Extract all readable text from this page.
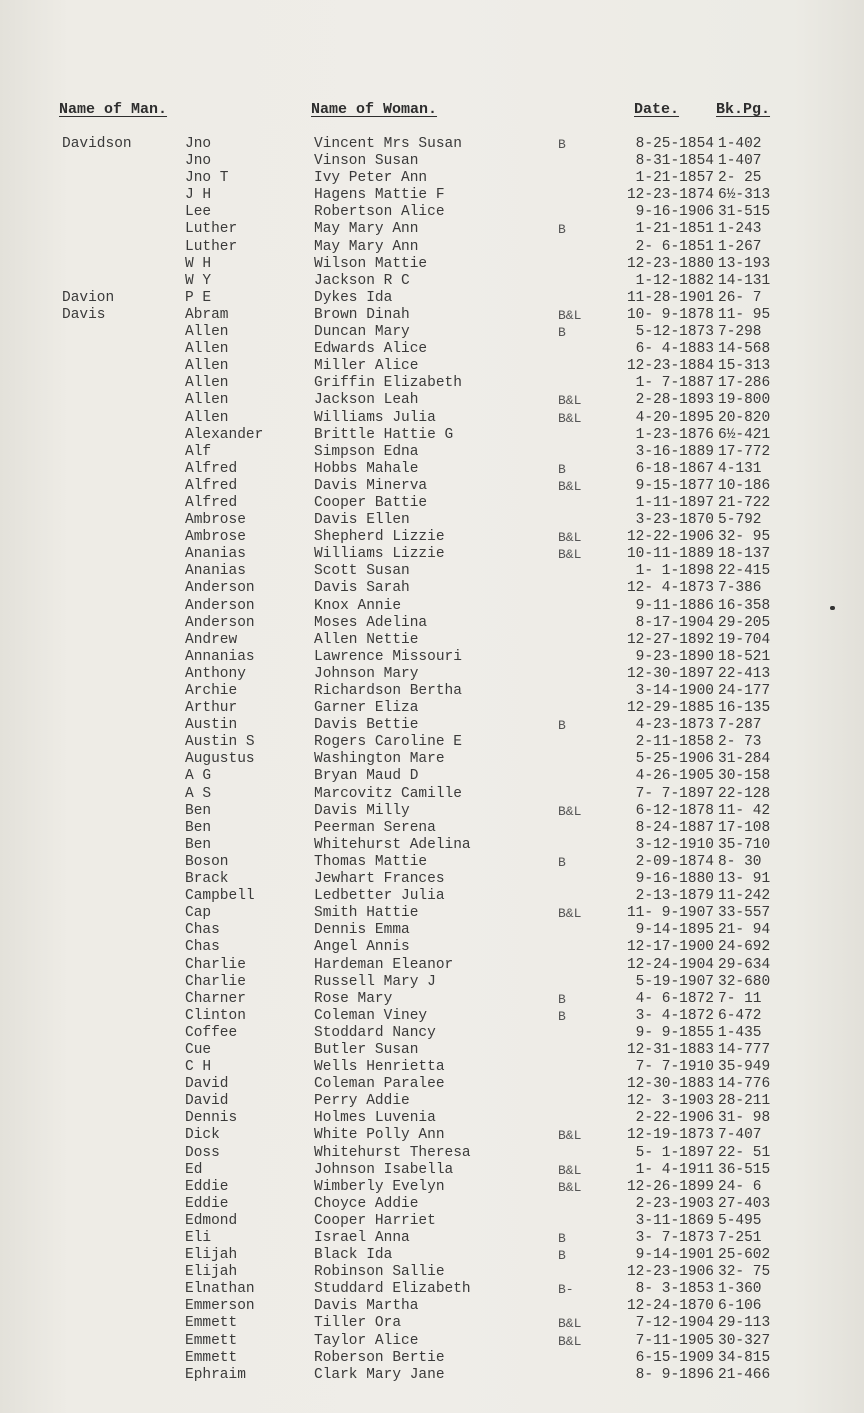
Name of Man.	Name of Woman.	Date. Bk.Pg.
Davidson	Jno	Vincent Mrs Susan	B	8-25-1854 1-402
Jno	Vinson Susan	8-31-1854 1-407
Jno T	Ivy Peter Ann	1-21-1857 2- 25
J H	Hagens Mattie F	12-23-1874 6½-313
Lee	Robertson Alice	9-16-1906 31-515
Luther	May Mary Ann	B	1-21-1851 1-243
Luther	May Mary Ann	2- 6-1851 1-267
W H	Wilson Mattie	12-23-1880 13-193
W Y	Jackson R C	1-12-1882 14-131
Davion	P E	Dykes Ida	11-28-1901 26- 7
Davis	Abram	Brown Dinah	B&L	10- 9-1878 11- 95
Allen	Duncan Mary	B	5-12-1873 7-298
Allen	Edwards Alice	6- 4-1883 14-568
Allen	Miller Alice	12-23-1884 15-313
Allen	Griffin Elizabeth	1- 7-1887 17-286
Allen	Jackson Leah	B&L	2-28-1893 19-800
Allen	Williams Julia	B&L	4-20-1895 20-820
Alexander	Brittle Hattie G	1-23-1876 6½-421
Alf	Simpson Edna	3-16-1889 17-772
Alfred	Hobbs Mahale	B	6-18-1867 4-131
Alfred	Davis Minerva	B&L	9-15-1877 10-186
Alfred	Cooper Battie	1-11-1897 21-722
Ambrose	Davis Ellen	3-23-1870 5-792
Ambrose	Shepherd Lizzie	B&L	12-22-1906 32- 95
Ananias	Williams Lizzie	B&L	10-11-1889 18-137
Ananias	Scott Susan	1- 1-1898 22-415
Anderson	Davis Sarah	12- 4-1873 7-386
Anderson	Knox Annie	9-11-1886 16-358
Anderson	Moses Adelina	8-17-1904 29-205
Andrew	Allen Nettie	12-27-1892 19-704
Annanias	Lawrence Missouri	9-23-1890 18-521
Anthony	Johnson Mary	12-30-1897 22-413
Archie	Richardson Bertha	3-14-1900 24-177
Arthur	Garner Eliza	12-29-1885 16-135
Austin	Davis Bettie	B	4-23-1873 7-287
Austin S	Rogers Caroline E	2-11-1858 2- 73
Augustus	Washington Mare	5-25-1906 31-284
A G	Bryan Maud D	4-26-1905 30-158
A S	Marcovitz Camille	7- 7-1897 22-128
Ben	Davis Milly	B&L	6-12-1878 11- 42
Ben	Peerman Serena	8-24-1887 17-108
Ben	Whitehurst Adelina	3-12-1910 35-710
Boson	Thomas Mattie	B	2-09-1874 8- 30
Brack	Jewhart Frances	9-16-1880 13- 91
Campbell	Ledbetter Julia	2-13-1879 11-242
Cap	Smith Hattie	B&L	11- 9-1907 33-557
Chas	Dennis Emma	9-14-1895 21- 94
Chas	Angel Annis	12-17-1900 24-692
Charlie	Hardeman Eleanor	12-24-1904 29-634
Charlie	Russell Mary J	5-19-1907 32-680
Charner	Rose Mary	B	4- 6-1872 7- 11
Clinton	Coleman Viney	B	3- 4-1872 6-472
Coffee	Stoddard Nancy	9- 9-1855 1-435
Cue	Butler Susan	12-31-1883 14-777
C H	Wells Henrietta	7- 7-1910 35-949
David	Coleman Paralee	12-30-1883 14-776
David	Perry Addie	12- 3-1903 28-211
Dennis	Holmes Luvenia	2-22-1906 31- 98
Dick	White Polly Ann	B&L	12-19-1873 7-407
Doss	Whitehurst Theresa	5- 1-1897 22- 51
Ed	Johnson Isabella	B&L	1- 4-1911 36-515
Eddie	Wimberly Evelyn	B&L	12-26-1899 24- 6
Eddie	Choyce Addie	2-23-1903 27-403
Edmond	Cooper Harriet	3-11-1869 5-495
Eli	Israel Anna	B	3- 7-1873 7-251
Elijah	Black Ida	B	9-14-1901 25-602
Elijah	Robinson Sallie	12-23-1906 32- 75
Elnathan	Studdard Elizabeth	B-	8- 3-1853 1-360
Emmerson	Davis Martha	12-24-1870 6-106
Emmett	Tiller Ora	B&L	7-12-1904 29-113
Emmett	Taylor Alice	B&L	7-11-1905 30-327
Emmett	Roberson Bertie	6-15-1909 34-815
Ephraim	Clark Mary Jane	8- 9-1896 21-466
